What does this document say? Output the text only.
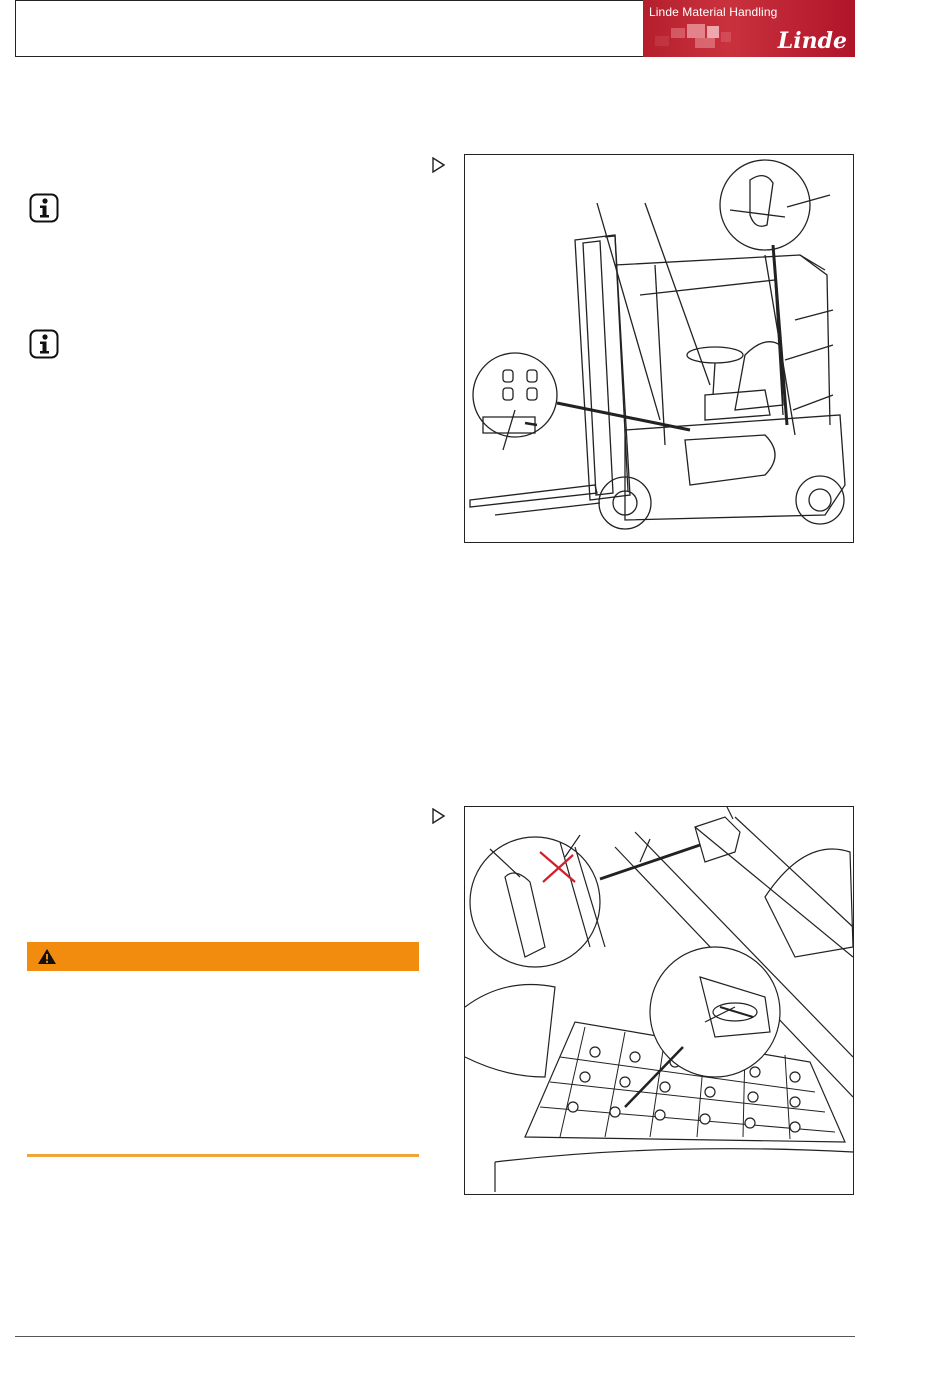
Linde Material Handling
Linde
